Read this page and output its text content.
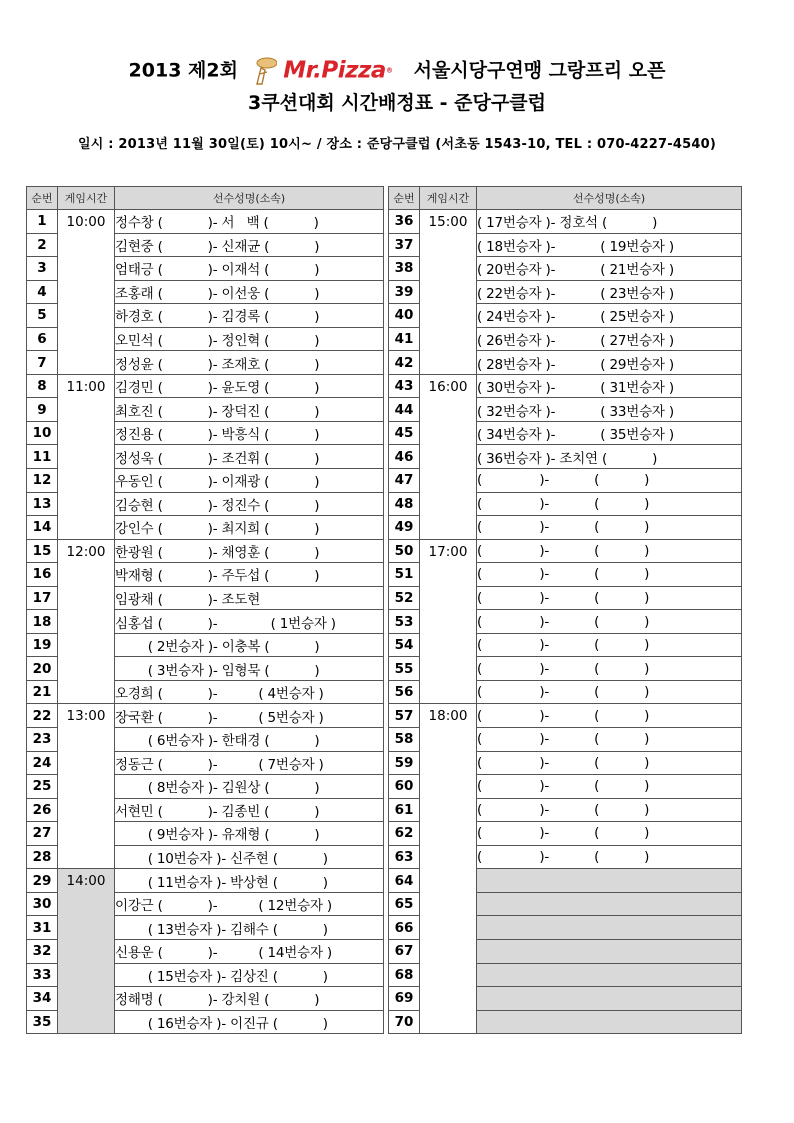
2013 제2회 Mr.Pizza® 서울시당구연맹 그랑프리 오픈
3쿠션대회 시간배정표 - 준당구클럽
일시 : 2013년 11월 30일(토) 10시~ / 장소 : 준당구클럽 (서초동 1543-10, TEL : 070-4227-4540)
순번	게임시간	선수성명(소속)
1	10:00	정수창 (           )- 서   백 (           )
2		김현중 (           )- 신재균 (           )
3		엄태긍 (           )- 이재석 (           )
4		조홍래 (           )- 이선웅 (           )
5		하경호 (           )- 김경록 (           )
6		오민석 (           )- 정인혁 (           )
7		정성윤 (           )- 조재호 (           )
8	11:00	김경민 (           )- 윤도영 (           )
9		최호진 (           )- 장덕진 (           )
10		정진용 (           )- 박흥식 (           )
11		정성욱 (           )- 조건휘 (           )
12		우동인 (           )- 이재광 (           )
13		김승현 (           )- 정진수 (           )
14		강인수 (           )- 최지희 (           )
15	12:00	한광원 (           )- 채영훈 (           )
16		박재형 (           )- 주두섭 (           )
17		임광채 (           )- 조도현
18		심홍섭 (           )-             ( 1번승자 )
19		( 2번승자 )- 이충복 (           )
20		( 3번승자 )- 임형묵 (           )
21		오경희 (           )-          ( 4번승자 )
22	13:00	장국환 (           )-          ( 5번승자 )
23		( 6번승자 )- 한태경 (           )
24		정동근 (           )-          ( 7번승자 )
25		( 8번승자 )- 김원상 (           )
26		서현민 (           )- 김종빈 (           )
27		( 9번승자 )- 유재형 (           )
28		( 10번승자 )- 신주현 (           )
29	14:00	( 11번승자 )- 박상현 (           )
30		이강근 (           )-          ( 12번승자 )
31		( 13번승자 )- 김해수 (           )
32		신용운 (           )-          ( 14번승자 )
33		( 15번승자 )- 김상진 (           )
34		정해명 (           )- 강치원 (           )
35		( 16번승자 )- 이진규 (           )
순번	게임시간	선수성명(소속)
36	15:00	( 17번승자 )- 정호석 (           )
37		( 18번승자 )-           ( 19번승자 )
38		( 20번승자 )-           ( 21번승자 )
39		( 22번승자 )-           ( 23번승자 )
40		( 24번승자 )-           ( 25번승자 )
41		( 26번승자 )-           ( 27번승자 )
42		( 28번승자 )-           ( 29번승자 )
43	16:00	( 30번승자 )-           ( 31번승자 )
44		( 32번승자 )-           ( 33번승자 )
45		( 34번승자 )-           ( 35번승자 )
46		( 36번승자 )- 조치연 (           )
47		(              )-           (           )
48		(              )-           (           )
49		(              )-           (           )
50	17:00	(              )-           (           )
51		(              )-           (           )
52		(              )-           (           )
53		(              )-           (           )
54		(              )-           (           )
55		(              )-           (           )
56		(              )-           (           )
57	18:00	(              )-           (           )
58		(              )-           (           )
59		(              )-           (           )
60		(              )-           (           )
61		(              )-           (           )
62		(              )-           (           )
63		(              )-           (           )
64		
65		
66		
67		
68		
69		
70		
